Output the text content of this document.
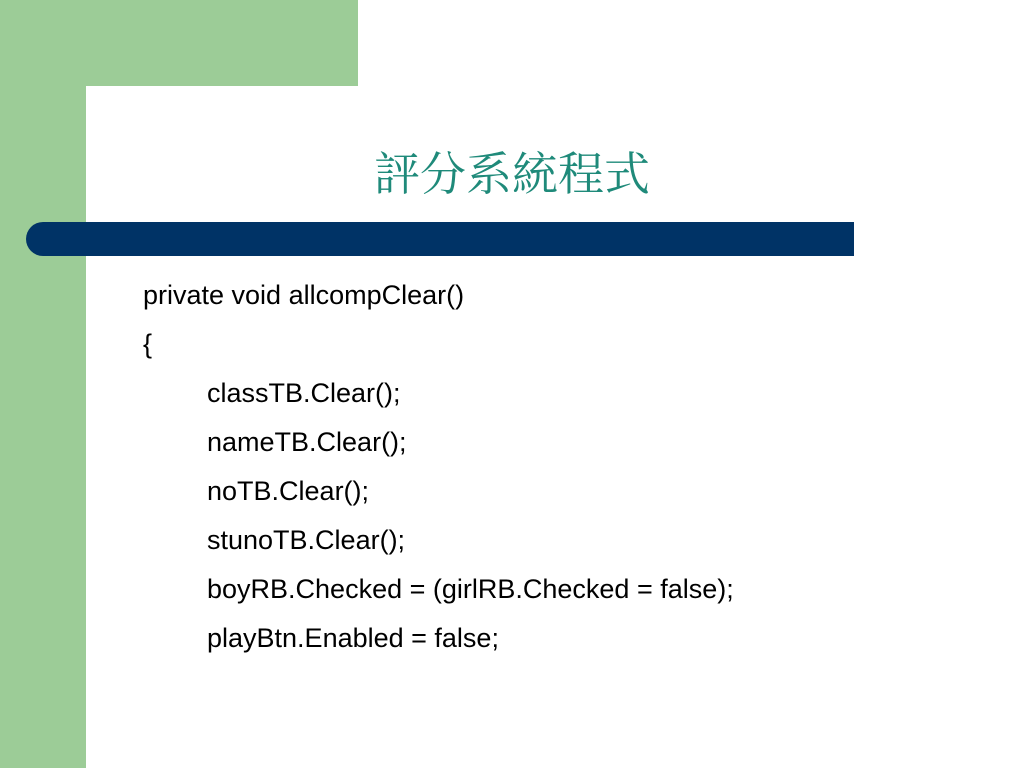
評分系統程式
private void allcompClear()
{
classTB.Clear();
nameTB.Clear();
noTB.Clear();
stunoTB.Clear();
boyRB.Checked = (girlRB.Checked = false);
playBtn.Enabled = false;
